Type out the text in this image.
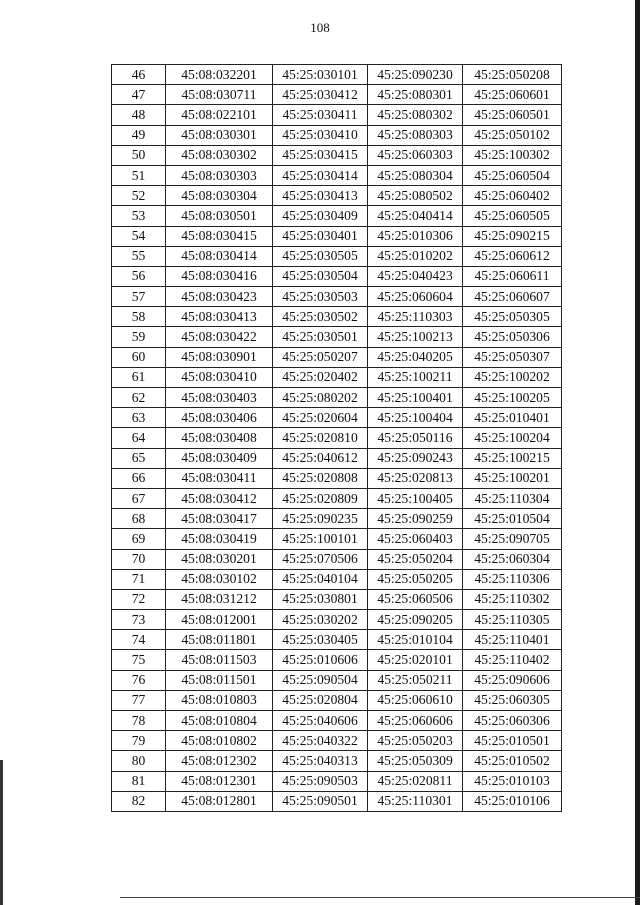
108
46	45:08:032201	45:25:030101	45:25:090230	45:25:050208
47	45:08:030711	45:25:030412	45:25:080301	45:25:060601
48	45:08:022101	45:25:030411	45:25:080302	45:25:060501
49	45:08:030301	45:25:030410	45:25:080303	45:25:050102
50	45:08:030302	45:25:030415	45:25:060303	45:25:100302
51	45:08:030303	45:25:030414	45:25:080304	45:25:060504
52	45:08:030304	45:25:030413	45:25:080502	45:25:060402
53	45:08:030501	45:25:030409	45:25:040414	45:25:060505
54	45:08:030415	45:25:030401	45:25:010306	45:25:090215
55	45:08:030414	45:25:030505	45:25:010202	45:25:060612
56	45:08:030416	45:25:030504	45:25:040423	45:25:060611
57	45:08:030423	45:25:030503	45:25:060604	45:25:060607
58	45:08:030413	45:25:030502	45:25:110303	45:25:050305
59	45:08:030422	45:25:030501	45:25:100213	45:25:050306
60	45:08:030901	45:25:050207	45:25:040205	45:25:050307
61	45:08:030410	45:25:020402	45:25:100211	45:25:100202
62	45:08:030403	45:25:080202	45:25:100401	45:25:100205
63	45:08:030406	45:25:020604	45:25:100404	45:25:010401
64	45:08:030408	45:25:020810	45:25:050116	45:25:100204
65	45:08:030409	45:25:040612	45:25:090243	45:25:100215
66	45:08:030411	45:25:020808	45:25:020813	45:25:100201
67	45:08:030412	45:25:020809	45:25:100405	45:25:110304
68	45:08:030417	45:25:090235	45:25:090259	45:25:010504
69	45:08:030419	45:25:100101	45:25:060403	45:25:090705
70	45:08:030201	45:25:070506	45:25:050204	45:25:060304
71	45:08:030102	45:25:040104	45:25:050205	45:25:110306
72	45:08:031212	45:25:030801	45:25:060506	45:25:110302
73	45:08:012001	45:25:030202	45:25:090205	45:25:110305
74	45:08:011801	45:25:030405	45:25:010104	45:25:110401
75	45:08:011503	45:25:010606	45:25:020101	45:25:110402
76	45:08:011501	45:25:090504	45:25:050211	45:25:090606
77	45:08:010803	45:25:020804	45:25:060610	45:25:060305
78	45:08:010804	45:25:040606	45:25:060606	45:25:060306
79	45:08:010802	45:25:040322	45:25:050203	45:25:010501
80	45:08:012302	45:25:040313	45:25:050309	45:25:010502
81	45:08:012301	45:25:090503	45:25:020811	45:25:010103
82	45:08:012801	45:25:090501	45:25:110301	45:25:010106
